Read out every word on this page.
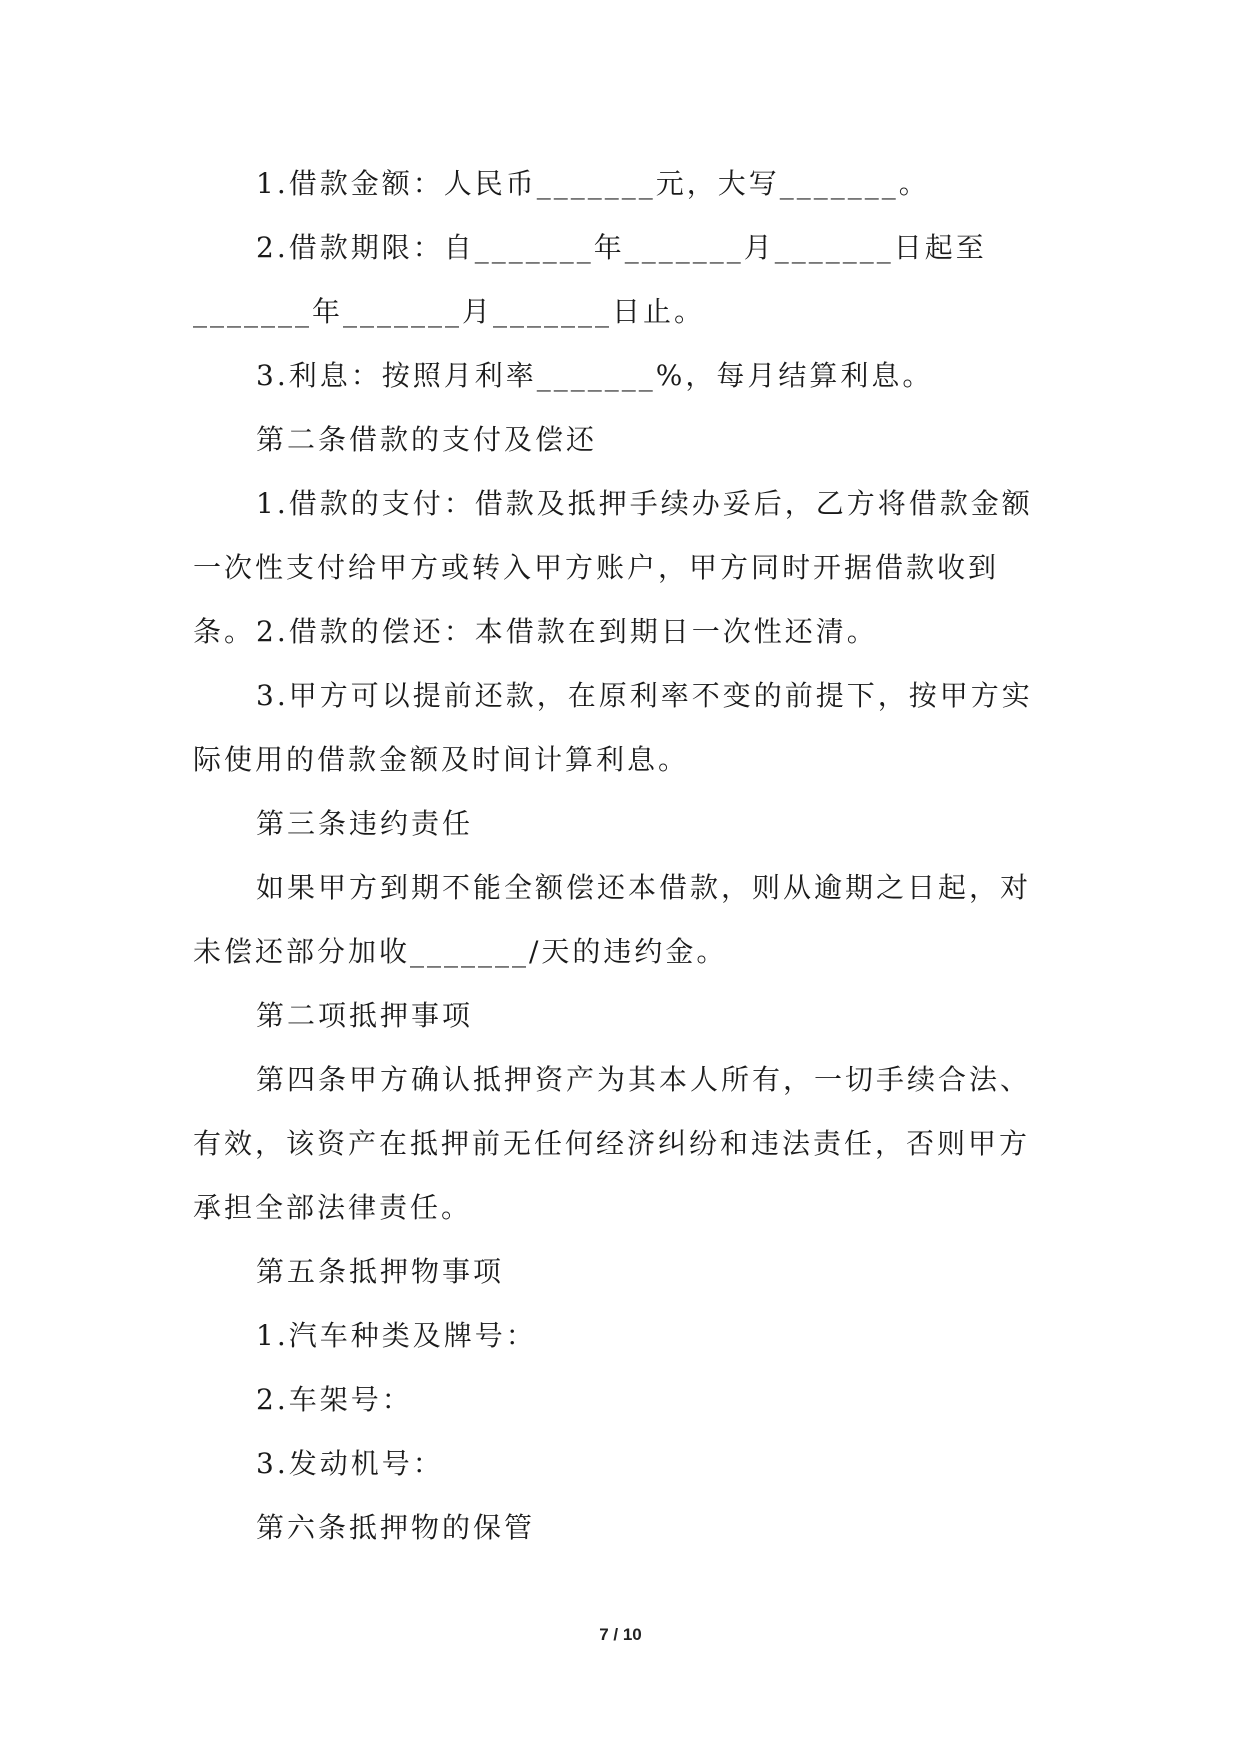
1.借款金额：人民币_______元，大写_______。

2.借款期限：自_______年_______月_______日起至_______年_______月_______日止。

3.利息：按照月利率_______%，每月结算利息。

第二条借款的支付及偿还

1.借款的支付：借款及抵押手续办妥后，乙方将借款金额一次性支付给甲方或转入甲方账户，甲方同时开据借款收到条。 2.借款的偿还：本借款在到期日一次性还清。

3.甲方可以提前还款，在原利率不变的前提下，按甲方实际使用的借款金额及时间计算利息。

第三条违约责任

如果甲方到期不能全额偿还本借款，则从逾期之日起，对未偿还部分加收_______/天的违约金。

第二项抵押事项

第四条甲方确认抵押资产为其本人所有，一切手续合法、有效，该资产在抵押前无任何经济纠纷和违法责任，否则甲方承担全部法律责任。

第五条抵押物事项

1.汽车种类及牌号：

2.车架号：

3.发动机号：

第六条抵押物的保管

7 / 10
